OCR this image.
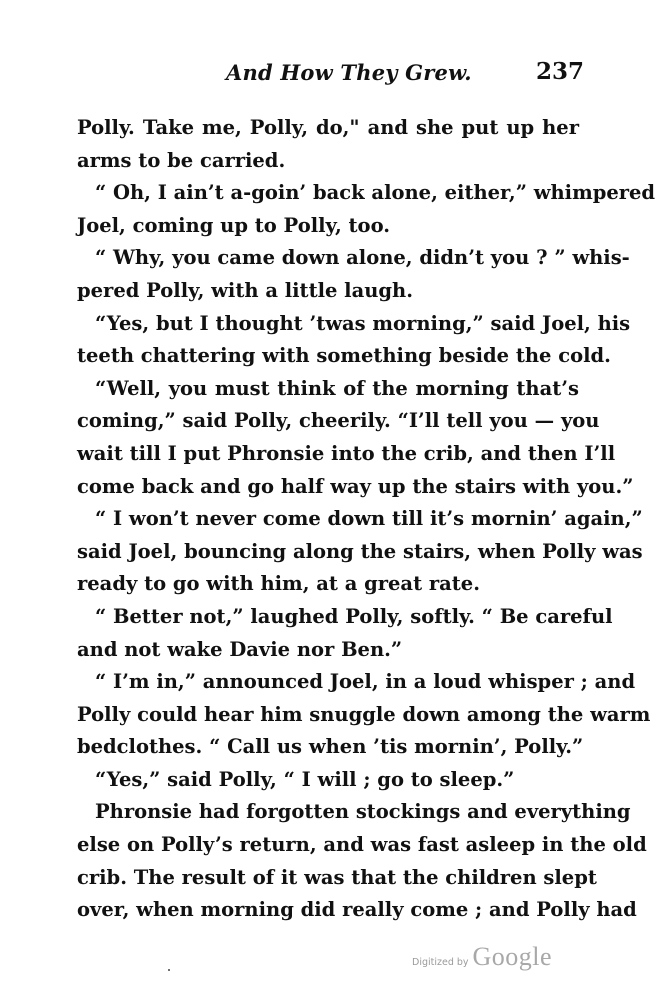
And How They Grew.	237
Polly. Take me, Polly, do," and she put up her
arms to be carried.
“ Oh, I ain’t a-goin’ back alone, either,” whimpered
Joel, coming up to Polly, too.
“ Why, you came down alone, didn’t you ? ” whis-
pered Polly, with a little laugh.
“Yes, but I thought ’twas morning,” said Joel, his
teeth chattering with something beside the cold.
“Well, you must think of the morning that’s
coming,” said Polly, cheerily. “I’ll tell you — you
wait till I put Phronsie into the crib, and then I’ll
come back and go half way up the stairs with you.”
“ I won’t never come down till it’s mornin’ again,”
said Joel, bouncing along the stairs, when Polly was
ready to go with him, at a great rate.
“ Better not,” laughed Polly, softly. “ Be careful
and not wake Davie nor Ben.”
“ I’m in,” announced Joel, in a loud whisper ; and
Polly could hear him snuggle down among the warm
bedclothes. “ Call us when ’tis mornin’, Polly.”
“Yes,” said Polly, “ I will ; go to sleep.”
Phronsie had forgotten stockings and everything
else on Polly’s return, and was fast asleep in the old
crib. The result of it was that the children slept
over, when morning did really come ; and Polly had
Digitized by Google
